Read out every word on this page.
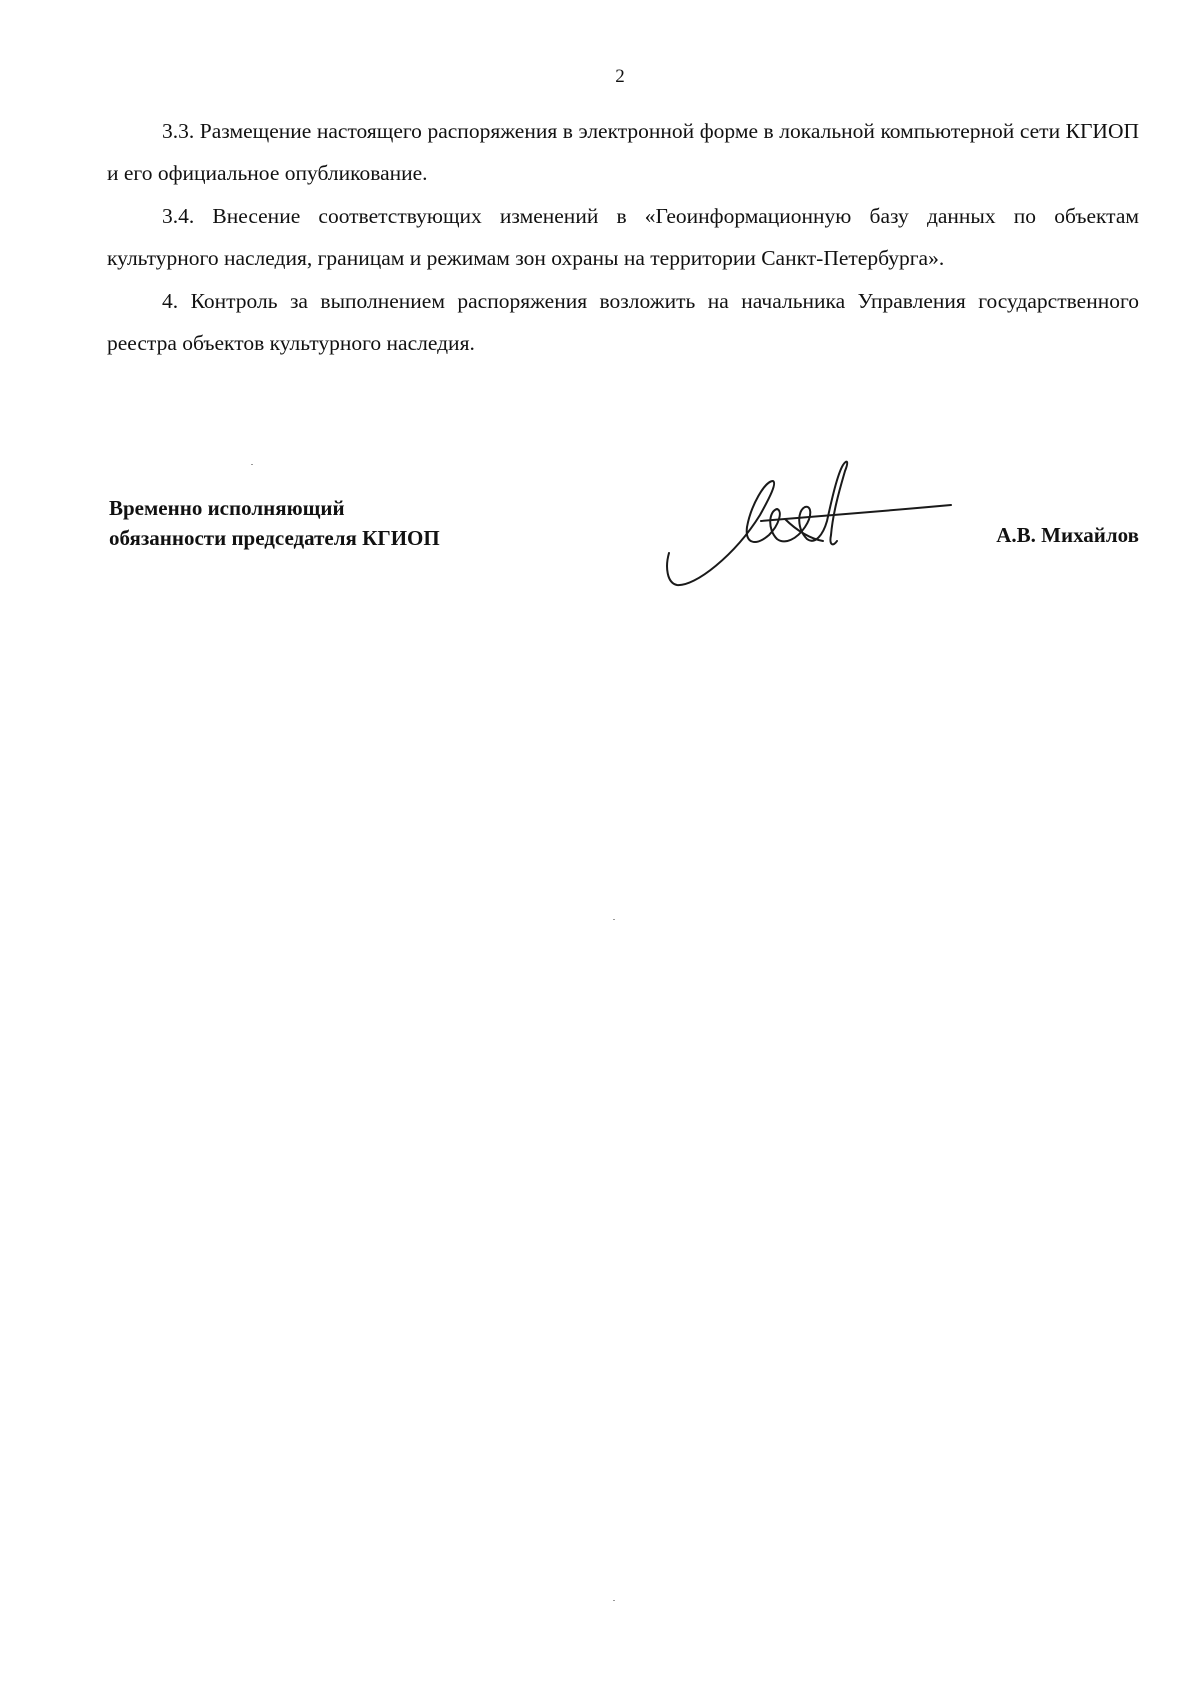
2

3.3. Размещение настоящего распоряжения в электронной форме в локальной компьютерной сети КГИОП и его официальное опубликование.

3.4. Внесение соответствующих изменений в «Геоинформационную базу данных по объектам культурного наследия, границам и режимам зон охраны на территории Санкт-Петербурга».

4. Контроль за выполнением распоряжения возложить на начальника Управления государственного реестра объектов культурного наследия.

Временно исполняющий
обязанности председателя КГИОП	А.В. Михайлов
